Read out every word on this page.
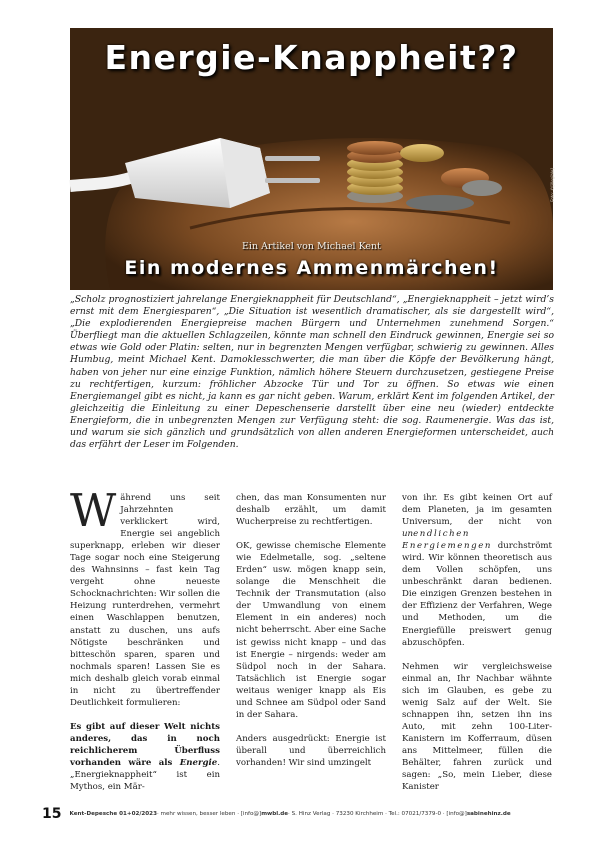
Energie-Knappheit??
Foto: ©[illegible]
Ein Artikel von Michael Kent
Ein modernes Ammenmärchen!

„Scholz prognostiziert jahrelange Energieknappheit für Deutschland“, „Energieknappheit – jetzt wird’s ernst mit dem Energiesparen“, „Die Situation ist wesentlich dramatischer, als sie dargestellt wird“, „Die explodierenden Energiepreise machen Bürgern und Unternehmen zunehmend Sorgen.“ Überfliegt man die aktuellen Schlagzeilen, könnte man schnell den Eindruck gewinnen, Energie sei so etwas wie Gold oder Platin: selten, nur in begrenzten Mengen verfügbar, schwierig zu gewinnen. Alles Humbug, meint Michael Kent. Damoklesschwerter, die man über die Köpfe der Bevölkerung hängt, haben von jeher nur eine einzige Funktion, nämlich höhere Steuern durchzusetzen, gestiegene Preise zu rechtfertigen, kurzum: fröhlicher Abzocke Tür und Tor zu öffnen. So etwas wie einen Energiemangel gibt es nicht, ja kann es gar nicht geben. Warum, erklärt Kent im folgenden Artikel, der gleichzeitig die Einleitung zu einer Depeschenserie darstellt über eine neu (wieder) entdeckte Energieform, die in unbegrenzten Mengen zur Verfügung steht: die sog. Raumenergie. Was das ist, und warum sie sich gänzlich und grundsätzlich von allen anderen Energieformen unterscheidet, auch das erfährt der Leser im Folgenden.

Während uns seit Jahrzehnten verklickert wird, Energie sei angeblich superknapp, erleben wir dieser Tage sogar noch eine Steigerung des Wahnsinns – fast kein Tag vergeht ohne neueste Schocknachrichten: Wir sollen die Heizung runterdrehen, vermehrt einen Waschlappen benutzen, anstatt zu duschen, uns aufs Nötigste beschränken und bitteschön sparen, sparen und nochmals sparen! Lassen Sie es mich deshalb gleich vorab einmal in nicht zu übertreffender Deutlichkeit formulieren:

Es gibt auf dieser Welt nichts anderes, das in noch reichlicherem Überfluss vorhanden wäre als Energie. „Energieknappheit“ ist ein Mythos, ein Mär-

chen, das man Konsumenten nur deshalb erzählt, um damit Wucherpreise zu rechtfertigen.

OK, gewisse chemische Elemente wie Edelmetalle, sog. „seltene Erden“ usw. mögen knapp sein, solange die Menschheit die Technik der Transmutation (also der Umwandlung von einem Element in ein anderes) noch nicht beherrscht. Aber eine Sache ist gewiss nicht knapp – und das ist Energie – nirgends: weder am Südpol noch in der Sahara. Tatsächlich ist Energie sogar weitaus weniger knapp als Eis und Schnee am Südpol oder Sand in der Sahara.

Anders ausgedrückt: Energie ist überall und überreichlich vorhanden! Wir sind umzingelt

von ihr. Es gibt keinen Ort auf dem Planeten, ja im gesamten Universum, der nicht von unendlichen Energiemengen durchströmt wird. Wir können theoretisch aus dem Vollen schöpfen, uns unbeschränkt daran bedienen. Die einzigen Grenzen bestehen in der Effizienz der Verfahren, Wege und Methoden, um die Energiefülle preiswert genug abzuschöpfen.

Nehmen wir vergleichsweise einmal an, Ihr Nachbar wähnte sich im Glauben, es gebe zu wenig Salz auf der Welt. Sie schnappen ihn, setzen ihn ins Auto, mit zehn 100-Liter-Kanistern im Kofferraum, düsen ans Mittelmeer, füllen die Behälter, fahren zurück und sagen: „So, mein Lieber, diese Kanister

15 Kent-Depesche 01+02/2023 · mehr wissen, besser leben · [info@] mwbl.de · S. Hinz Verlag · 73230 Kirchheim · Tel.: 07021/7379-0 · [info@] sabinehinz.de
